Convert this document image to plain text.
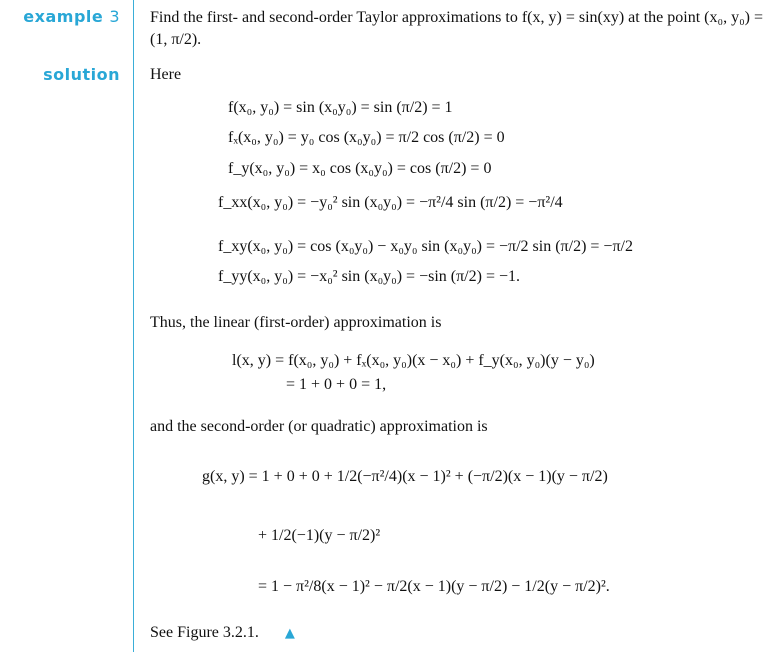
example 3
solution
Find the first- and second-order Taylor approximations to f(x, y) = sin(xy) at the point (x₀, y₀) = (1, π/2).
Here
f(x₀, y₀) = sin (x₀y₀) = sin (π/2) = 1
fₓ(x₀, y₀) = y₀ cos (x₀y₀) = π/2 cos (π/2) = 0
f_y(x₀, y₀) = x₀ cos (x₀y₀) = cos (π/2) = 0
f_xx(x₀, y₀) = −y₀² sin (x₀y₀) = −π²/4 sin (π/2) = −π²/4
f_xy(x₀, y₀) = cos (x₀y₀) − x₀y₀ sin (x₀y₀) = −π/2 sin (π/2) = −π/2
f_yy(x₀, y₀) = −x₀² sin (x₀y₀) = −sin (π/2) = −1.
Thus, the linear (first-order) approximation is
l(x, y) = f(x₀, y₀) + fₓ(x₀, y₀)(x − x₀) + f_y(x₀, y₀)(y − y₀)
= 1 + 0 + 0 = 1,
and the second-order (or quadratic) approximation is
g(x, y) = 1 + 0 + 0 + 1/2(−π²/4)(x − 1)² + (−π/2)(x − 1)(y − π/2)
+ 1/2(−1)(y − π/2)²
= 1 − π²/8(x − 1)² − π/2(x − 1)(y − π/2) − 1/2(y − π/2)².
See Figure 3.2.1. ▲
